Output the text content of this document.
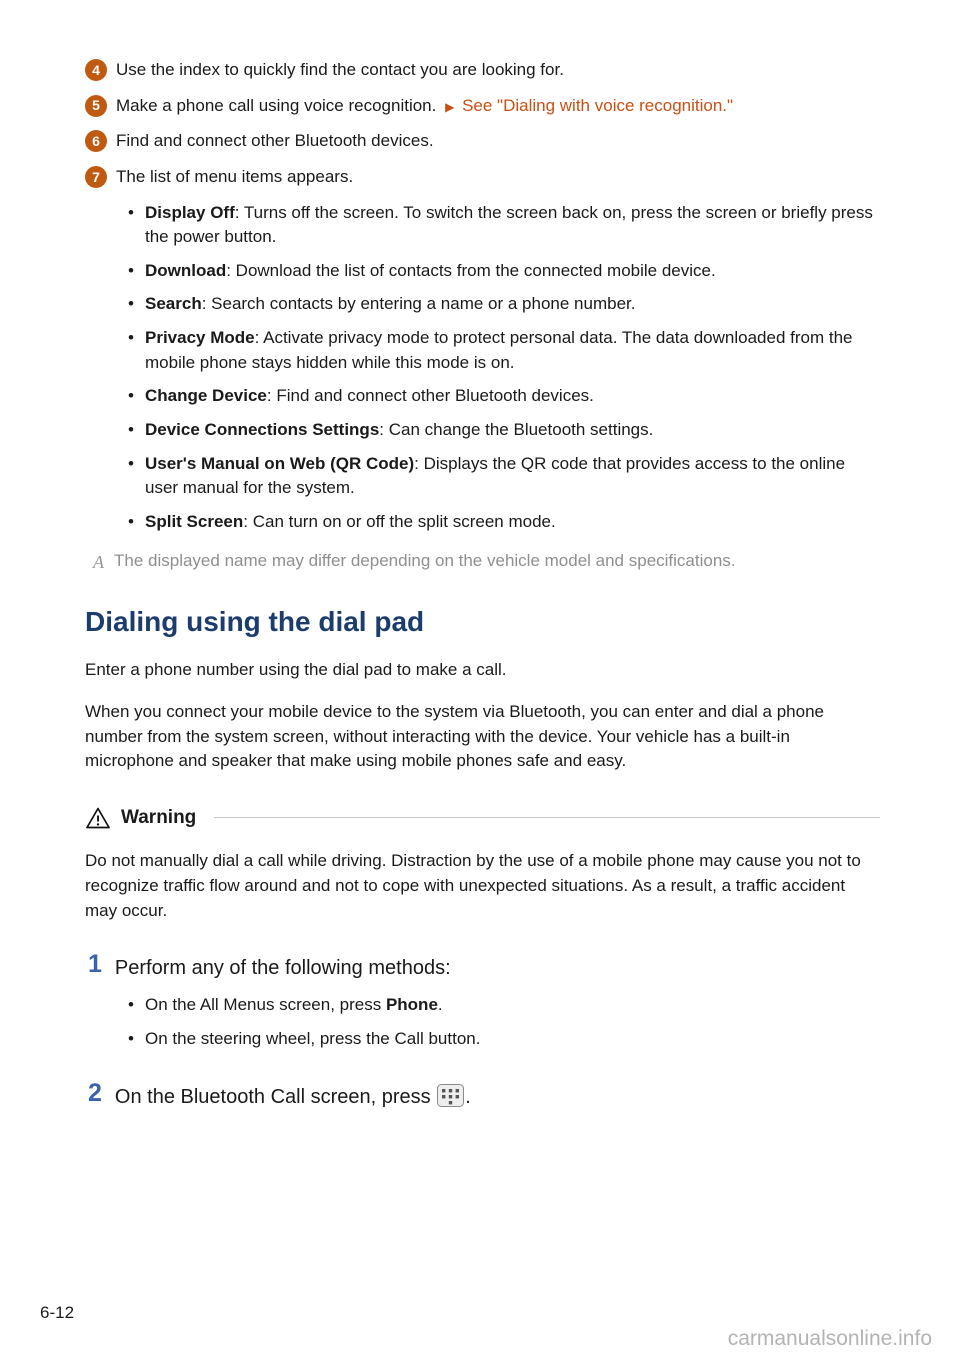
4 Use the index to quickly find the contact you are looking for.
5 Make a phone call using voice recognition. ▶ See "Dialing with voice recognition."
6 Find and connect other Bluetooth devices.
7 The list of menu items appears.
• Display Off: Turns off the screen. To switch the screen back on, press the screen or briefly press the power button.
• Download: Download the list of contacts from the connected mobile device.
• Search: Search contacts by entering a name or a phone number.
• Privacy Mode: Activate privacy mode to protect personal data. The data downloaded from the mobile phone stays hidden while this mode is on.
• Change Device: Find and connect other Bluetooth devices.
• Device Connections Settings: Can change the Bluetooth settings.
• User's Manual on Web (QR Code): Displays the QR code that provides access to the online user manual for the system.
• Split Screen: Can turn on or off the split screen mode.
A The displayed name may differ depending on the vehicle model and specifications.
Dialing using the dial pad

Enter a phone number using the dial pad to make a call.

When you connect your mobile device to the system via Bluetooth, you can enter and dial a phone number from the system screen, without interacting with the device. Your vehicle has a built-in microphone and speaker that make using mobile phones safe and easy.

Warning

Do not manually dial a call while driving. Distraction by the use of a mobile phone may cause you not to recognize traffic flow around and not to cope with unexpected situations. As a result, a traffic accident may occur.

1 Perform any of the following methods:
• On the All Menus screen, press Phone.
• On the steering wheel, press the Call button.
2 On the Bluetooth Call screen, press .
6-12
carmanualsonline.info
